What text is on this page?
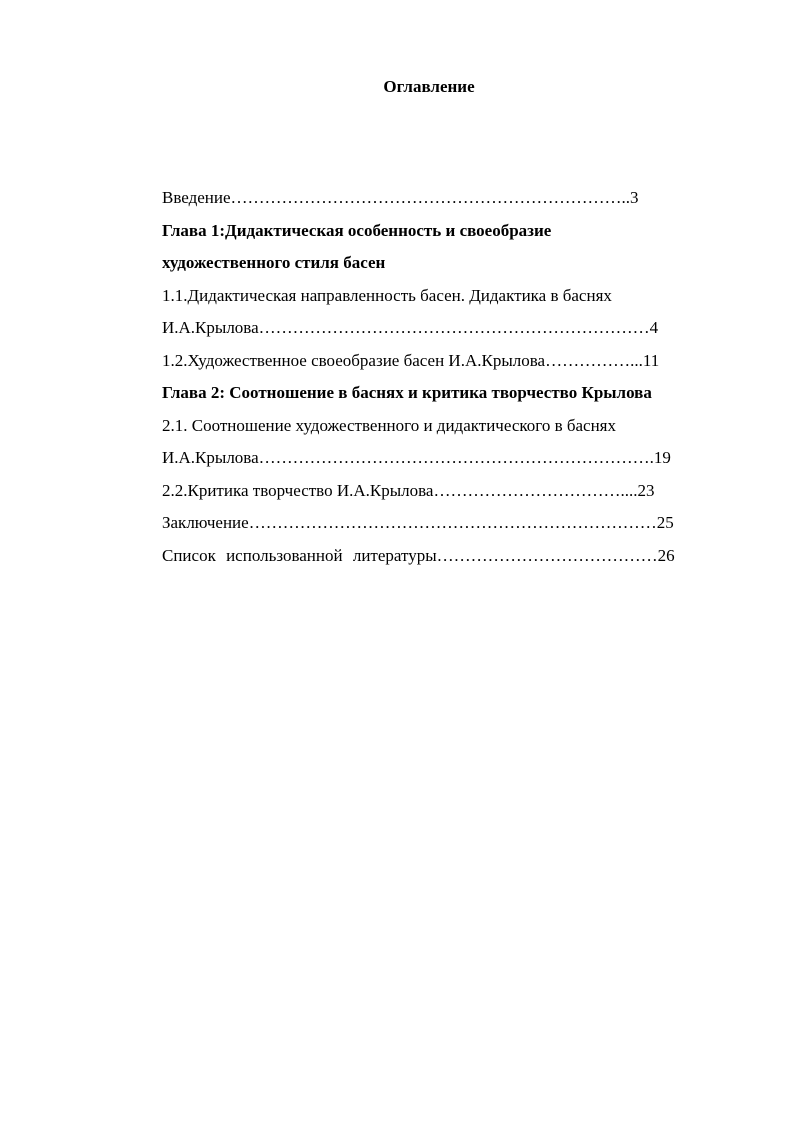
Оглавление
Введение……………………………………………………………..3
Глава 1:Дидактическая особенность и своеобразие
художественного стиля басен
1.1.Дидактическая направленность басен. Дидактика в баснях
И.А.Крылова……………………………………………………………4
1.2.Художественное своеобразие басен И.А.Крылова……………...11
Глава 2: Соотношение в баснях и критика творчество Крылова
2.1. Соотношение художественного и дидактического в баснях
И.А.Крылова…………………………………………………………….19
2.2.Критика творчество И.А.Крылова……………………………....23
Заключение………………………………………………………………25
Список использованной литературы…………………………………26
